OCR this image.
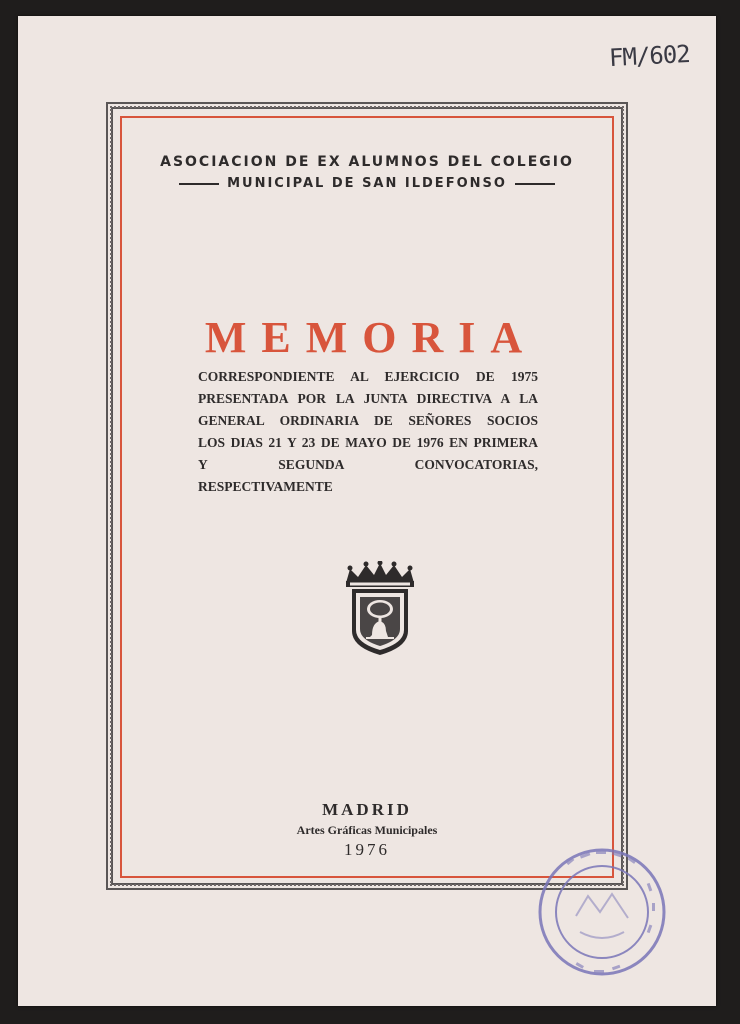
FM/602
ASOCIACION DE EX ALUMNOS DEL COLEGIO
MUNICIPAL DE SAN ILDEFONSO
MEMORIA
CORRESPONDIENTE AL EJERCICIO DE 1975
PRESENTADA POR LA JUNTA DIRECTIVA A LA
GENERAL ORDINARIA DE SEÑORES SOCIOS
LOS DIAS 21 Y 23 DE MAYO DE 1976 EN PRIMERA
Y SEGUNDA CONVOCATORIAS, RESPECTIVAMENTE
MADRID
Artes Gráficas Municipales
1976
